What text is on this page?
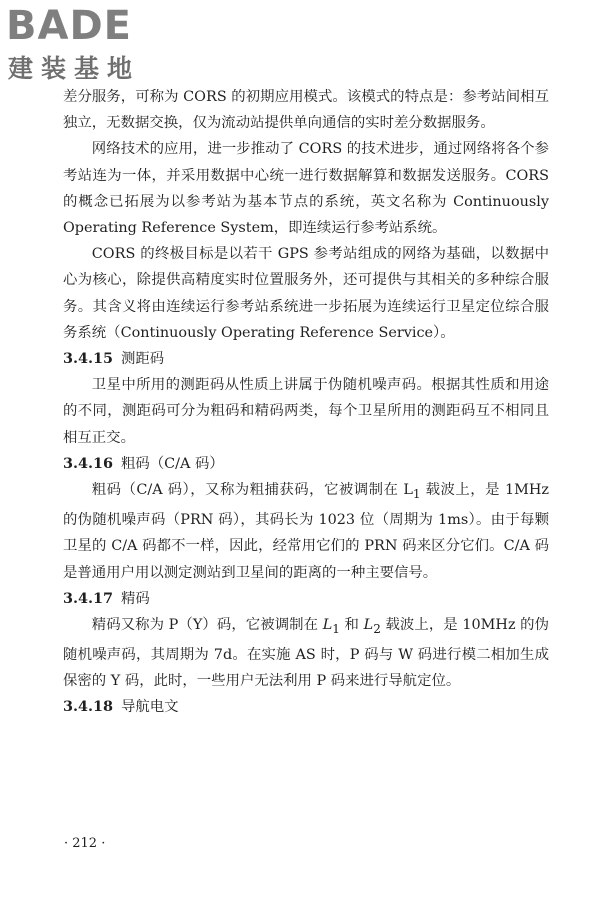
BADE
建装基地

差分服务，可称为 CORS 的初期应用模式。该模式的特点是：参考站间相互独立，无数据交换，仅为流动站提供单向通信的实时差分数据服务。

网络技术的应用，进一步推动了 CORS 的技术进步，通过网络将各个参考站连为一体，并采用数据中心统一进行数据解算和数据发送服务。CORS 的概念已拓展为以参考站为基本节点的系统，英文名称为 Continuously Operating Reference System，即连续运行参考站系统。

CORS 的终极目标是以若干 GPS 参考站组成的网络为基础，以数据中心为核心，除提供高精度实时位置服务外，还可提供与其相关的多种综合服务。其含义将由连续运行参考站系统进一步拓展为连续运行卫星定位综合服务系统（Continuously Operating Reference Service）。

3.4.15 测距码

卫星中所用的测距码从性质上讲属于伪随机噪声码。根据其性质和用途的不同，测距码可分为粗码和精码两类，每个卫星所用的测距码互不相同且相互正交。

3.4.16 粗码（C/A 码）

粗码（C/A 码），又称为粗捕获码，它被调制在 $L_1$ 载波上，是 1MHz 的伪随机噪声码（PRN 码），其码长为 1023 位（周期为 1ms）。由于每颗卫星的 C/A 码都不一样，因此，经常用它们的 PRN 码来区分它们。C/A 码是普通用户用以测定测站到卫星间的距离的一种主要信号。

3.4.17 精码

精码又称为 P（Y）码，它被调制在 $L_1$ 和 $L_2$ 载波上，是 10MHz 的伪随机噪声码，其周期为 7d。在实施 AS 时，P 码与 W 码进行模二相加生成保密的 Y 码，此时，一些用户无法利用 P 码来进行导航定位。

3.4.18 导航电文

· 212 ·
